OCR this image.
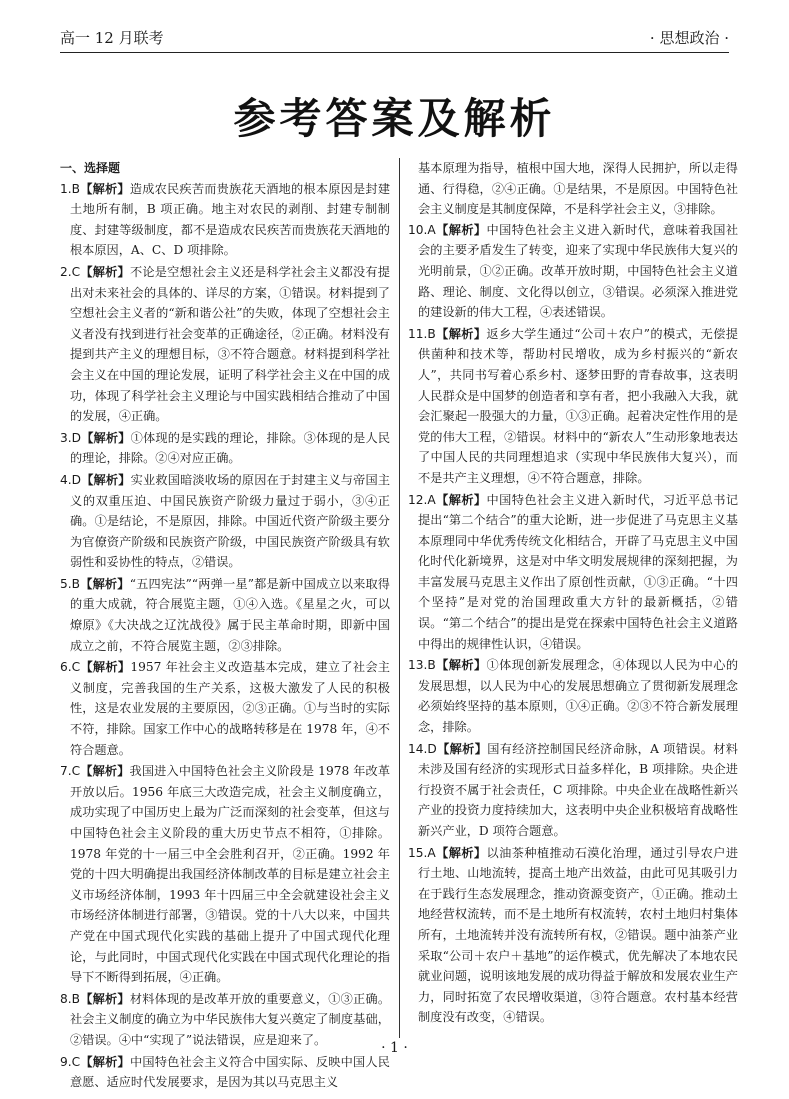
高一 12 月联考	· 思想政治 ·
参考答案及解析
一、选择题
1.B【解析】造成农民疾苦而贵族花天酒地的根本原因是封建土地所有制，B 项正确。地主对农民的剥削、封建专制制度、封建等级制度，都不是造成农民疾苦而贵族花天酒地的根本原因，A、C、D 项排除。
2.C【解析】不论是空想社会主义还是科学社会主义都没有提出对未来社会的具体的、详尽的方案，①错误。材料提到了空想社会主义者的“新和谐公社”的失败，体现了空想社会主义者没有找到进行社会变革的正确途径，②正确。材料没有提到共产主义的理想目标，③不符合题意。材料提到科学社会主义在中国的理论发展，证明了科学社会主义在中国的成功，体现了科学社会主义理论与中国实践相结合推动了中国的发展，④正确。
3.D【解析】①体现的是实践的理论，排除。③体现的是人民的理论，排除。②④对应正确。
4.D【解析】实业救国暗淡收场的原因在于封建主义与帝国主义的双重压迫、中国民族资产阶级力量过于弱小，③④正确。①是结论，不是原因，排除。中国近代资产阶级主要分为官僚资产阶级和民族资产阶级，中国民族资产阶级具有软弱性和妥协性的特点，②错误。
5.B【解析】“五四宪法”“两弹一星”都是新中国成立以来取得的重大成就，符合展览主题，①④入选。《星星之火，可以燎原》《大决战之辽沈战役》属于民主革命时期，即新中国成立之前，不符合展览主题，②③排除。
6.C【解析】1957 年社会主义改造基本完成，建立了社会主义制度，完善我国的生产关系，这极大激发了人民的积极性，这是农业发展的主要原因，②③正确。①与当时的实际不符，排除。国家工作中心的战略转移是在 1978 年，④不符合题意。
7.C【解析】我国进入中国特色社会主义阶段是 1978 年改革开放以后。1956 年底三大改造完成，社会主义制度确立，成功实现了中国历史上最为广泛而深刻的社会变革，但这与中国特色社会主义阶段的重大历史节点不相符，①排除。1978 年党的十一届三中全会胜利召开，②正确。1992 年党的十四大明确提出我国经济体制改革的目标是建立社会主义市场经济体制，1993 年十四届三中全会就建设社会主义市场经济体制进行部署，③错误。党的十八大以来，中国共产党在中国式现代化实践的基础上提升了中国式现代化理论，与此同时，中国式现代化实践在中国式现代化理论的指导下不断得到拓展，④正确。
8.B【解析】材料体现的是改革开放的重要意义，①③正确。社会主义制度的确立为中华民族伟大复兴奠定了制度基础，②错误。④中“实现了”说法错误，应是迎来了。
9.C【解析】中国特色社会主义符合中国实际、反映中国人民意愿、适应时代发展要求，是因为其以马克思主义
基本原理为指导，植根中国大地，深得人民拥护，所以走得通、行得稳，②④正确。①是结果，不是原因。中国特色社会主义制度是其制度保障，不是科学社会主义，③排除。
10.A【解析】中国特色社会主义进入新时代，意味着我国社会的主要矛盾发生了转变，迎来了实现中华民族伟大复兴的光明前景，①②正确。改革开放时期，中国特色社会主义道路、理论、制度、文化得以创立，③错误。必须深入推进党的建设新的伟大工程，④表述错误。
11.B【解析】返乡大学生通过“公司＋农户”的模式，无偿提供菌种和技术等，帮助村民增收，成为乡村振兴的“新农人”，共同书写着心系乡村、逐梦田野的青春故事，这表明人民群众是中国梦的创造者和享有者，把小我融入大我，就会汇聚起一股强大的力量，①③正确。起着决定性作用的是党的伟大工程，②错误。材料中的“新农人”生动形象地表达了中国人民的共同理想追求（实现中华民族伟大复兴），而不是共产主义理想，④不符合题意，排除。
12.A【解析】中国特色社会主义进入新时代，习近平总书记提出“第二个结合”的重大论断，进一步促进了马克思主义基本原理同中华优秀传统文化相结合，开辟了马克思主义中国化时代化新境界，这是对中华文明发展规律的深刻把握，为丰富发展马克思主义作出了原创性贡献，①③正确。“十四个坚持”是对党的治国理政重大方针的最新概括，②错误。“第二个结合”的提出是党在探索中国特色社会主义道路中得出的规律性认识，④错误。
13.B【解析】①体现创新发展理念，④体现以人民为中心的发展思想，以人民为中心的发展思想确立了贯彻新发展理念必须始终坚持的基本原则，①④正确。②③不符合新发展理念，排除。
14.D【解析】国有经济控制国民经济命脉，A 项错误。材料未涉及国有经济的实现形式日益多样化，B 项排除。央企进行投资不属于社会责任，C 项排除。中央企业在战略性新兴产业的投资力度持续加大，这表明中央企业积极培育战略性新兴产业，D 项符合题意。
15.A【解析】以油茶种植推动石漠化治理，通过引导农户进行土地、山地流转，提高土地产出效益，由此可见其吸引力在于践行生态发展理念，推动资源变资产，①正确。推动土地经营权流转，而不是土地所有权流转，农村土地归村集体所有，土地流转并没有流转所有权，②错误。题中油茶产业采取“公司＋农户＋基地”的运作模式，优先解决了本地农民就业问题，说明该地发展的成功得益于解放和发展农业生产力，同时拓宽了农民增收渠道，③符合题意。农村基本经营制度没有改变，④错误。
· 1 ·
